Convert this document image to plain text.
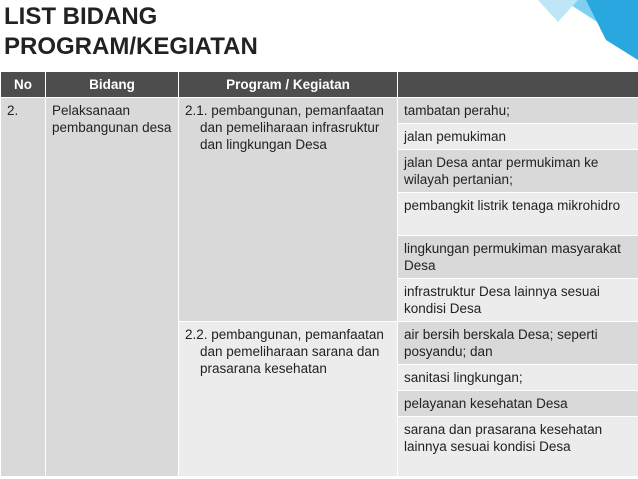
LIST BIDANG
PROGRAM/KEGIATAN
No	Bidang	Program / Kegiatan	
2.	Pelaksanaan pembangunan desa	2.1. pembangunan, pemanfaatan dan pemeliharaan infrasruktur dan lingkungan Desa	tambatan perahu;
			jalan pemukiman
			jalan Desa antar permukiman ke wilayah pertanian;
			pembangkit listrik tenaga mikrohidro
			lingkungan permukiman masyarakat Desa
			infrastruktur Desa lainnya sesuai kondisi Desa

		2.2. pembangunan, pemanfaatan dan pemeliharaan sarana dan prasarana kesehatan	air bersih berskala Desa; seperti posyandu; dan
			sanitasi lingkungan;
			pelayanan kesehatan Desa
			sarana dan prasarana kesehatan lainnya sesuai kondisi Desa
